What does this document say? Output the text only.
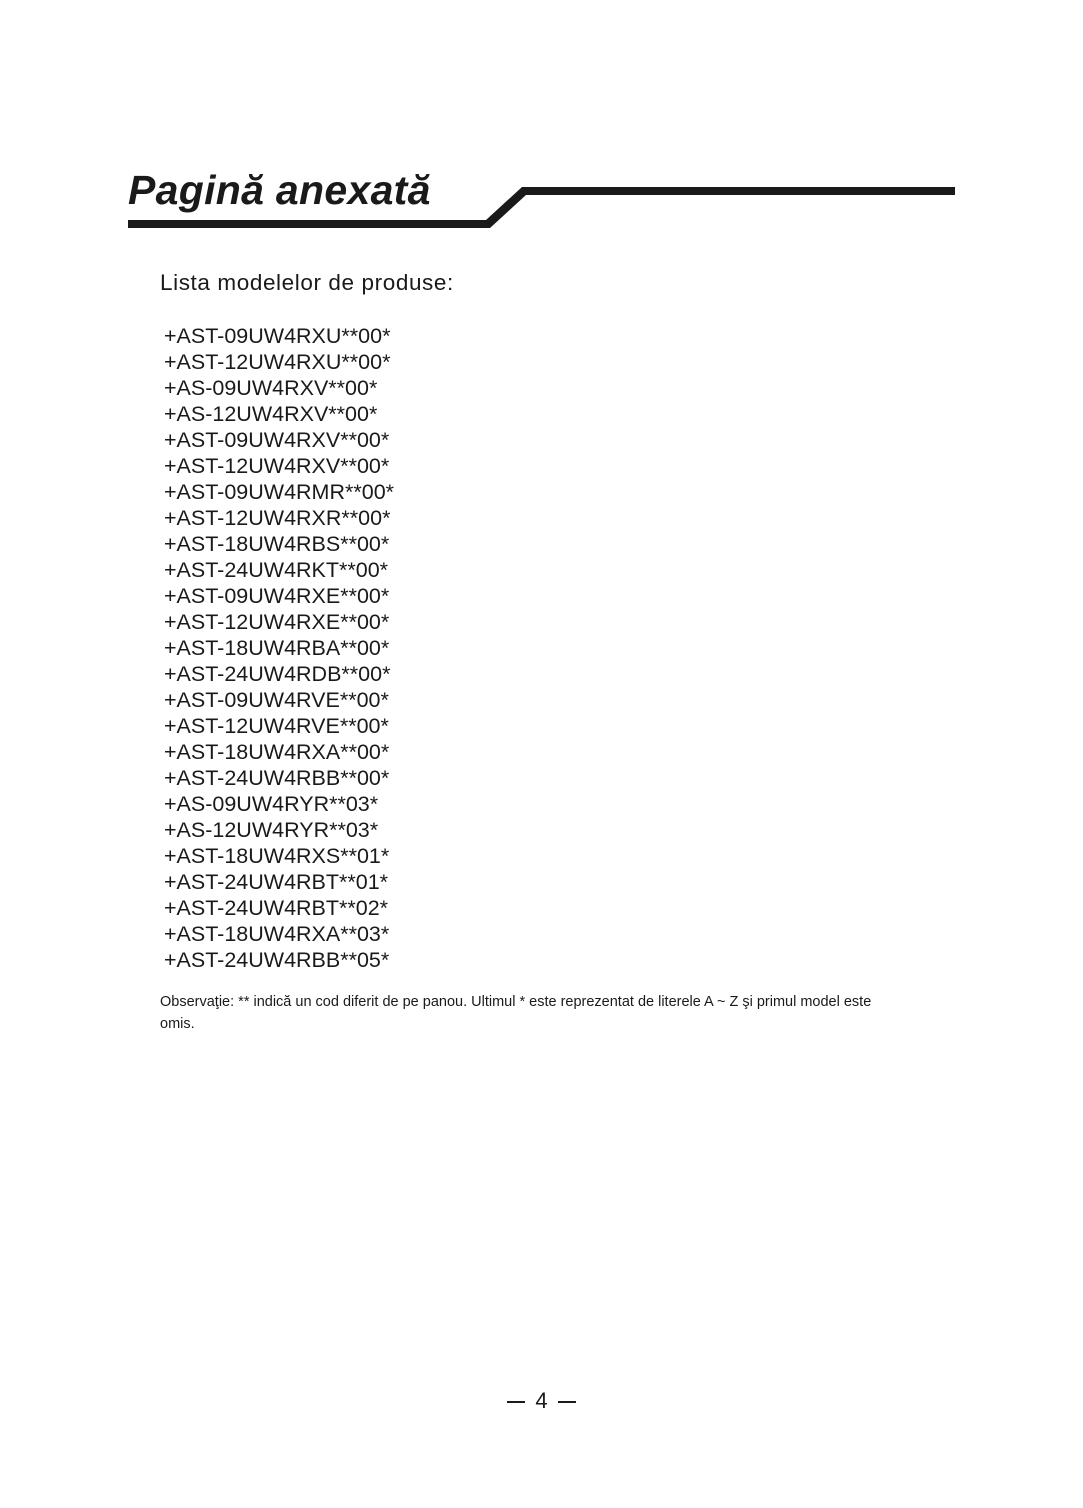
Pagină anexată

Lista modelelor de produse:

+AST-09UW4RXU**00*
+AST-12UW4RXU**00*
+AS-09UW4RXV**00*
+AS-12UW4RXV**00*
+AST-09UW4RXV**00*
+AST-12UW4RXV**00*
+AST-09UW4RMR**00*
+AST-12UW4RXR**00*
+AST-18UW4RBS**00*
+AST-24UW4RKT**00*
+AST-09UW4RXE**00*
+AST-12UW4RXE**00*
+AST-18UW4RBA**00*
+AST-24UW4RDB**00*
+AST-09UW4RVE**00*
+AST-12UW4RVE**00*
+AST-18UW4RXA**00*
+AST-24UW4RBB**00*
+AS-09UW4RYR**03*
+AS-12UW4RYR**03*
+AST-18UW4RXS**01*
+AST-24UW4RBT**01*
+AST-24UW4RBT**02*
+AST-18UW4RXA**03*
+AST-24UW4RBB**05*

Observaţie: ** indică un cod diferit de pe panou. Ultimul * este reprezentat de literele A ~ Z şi primul model este omis.

4
